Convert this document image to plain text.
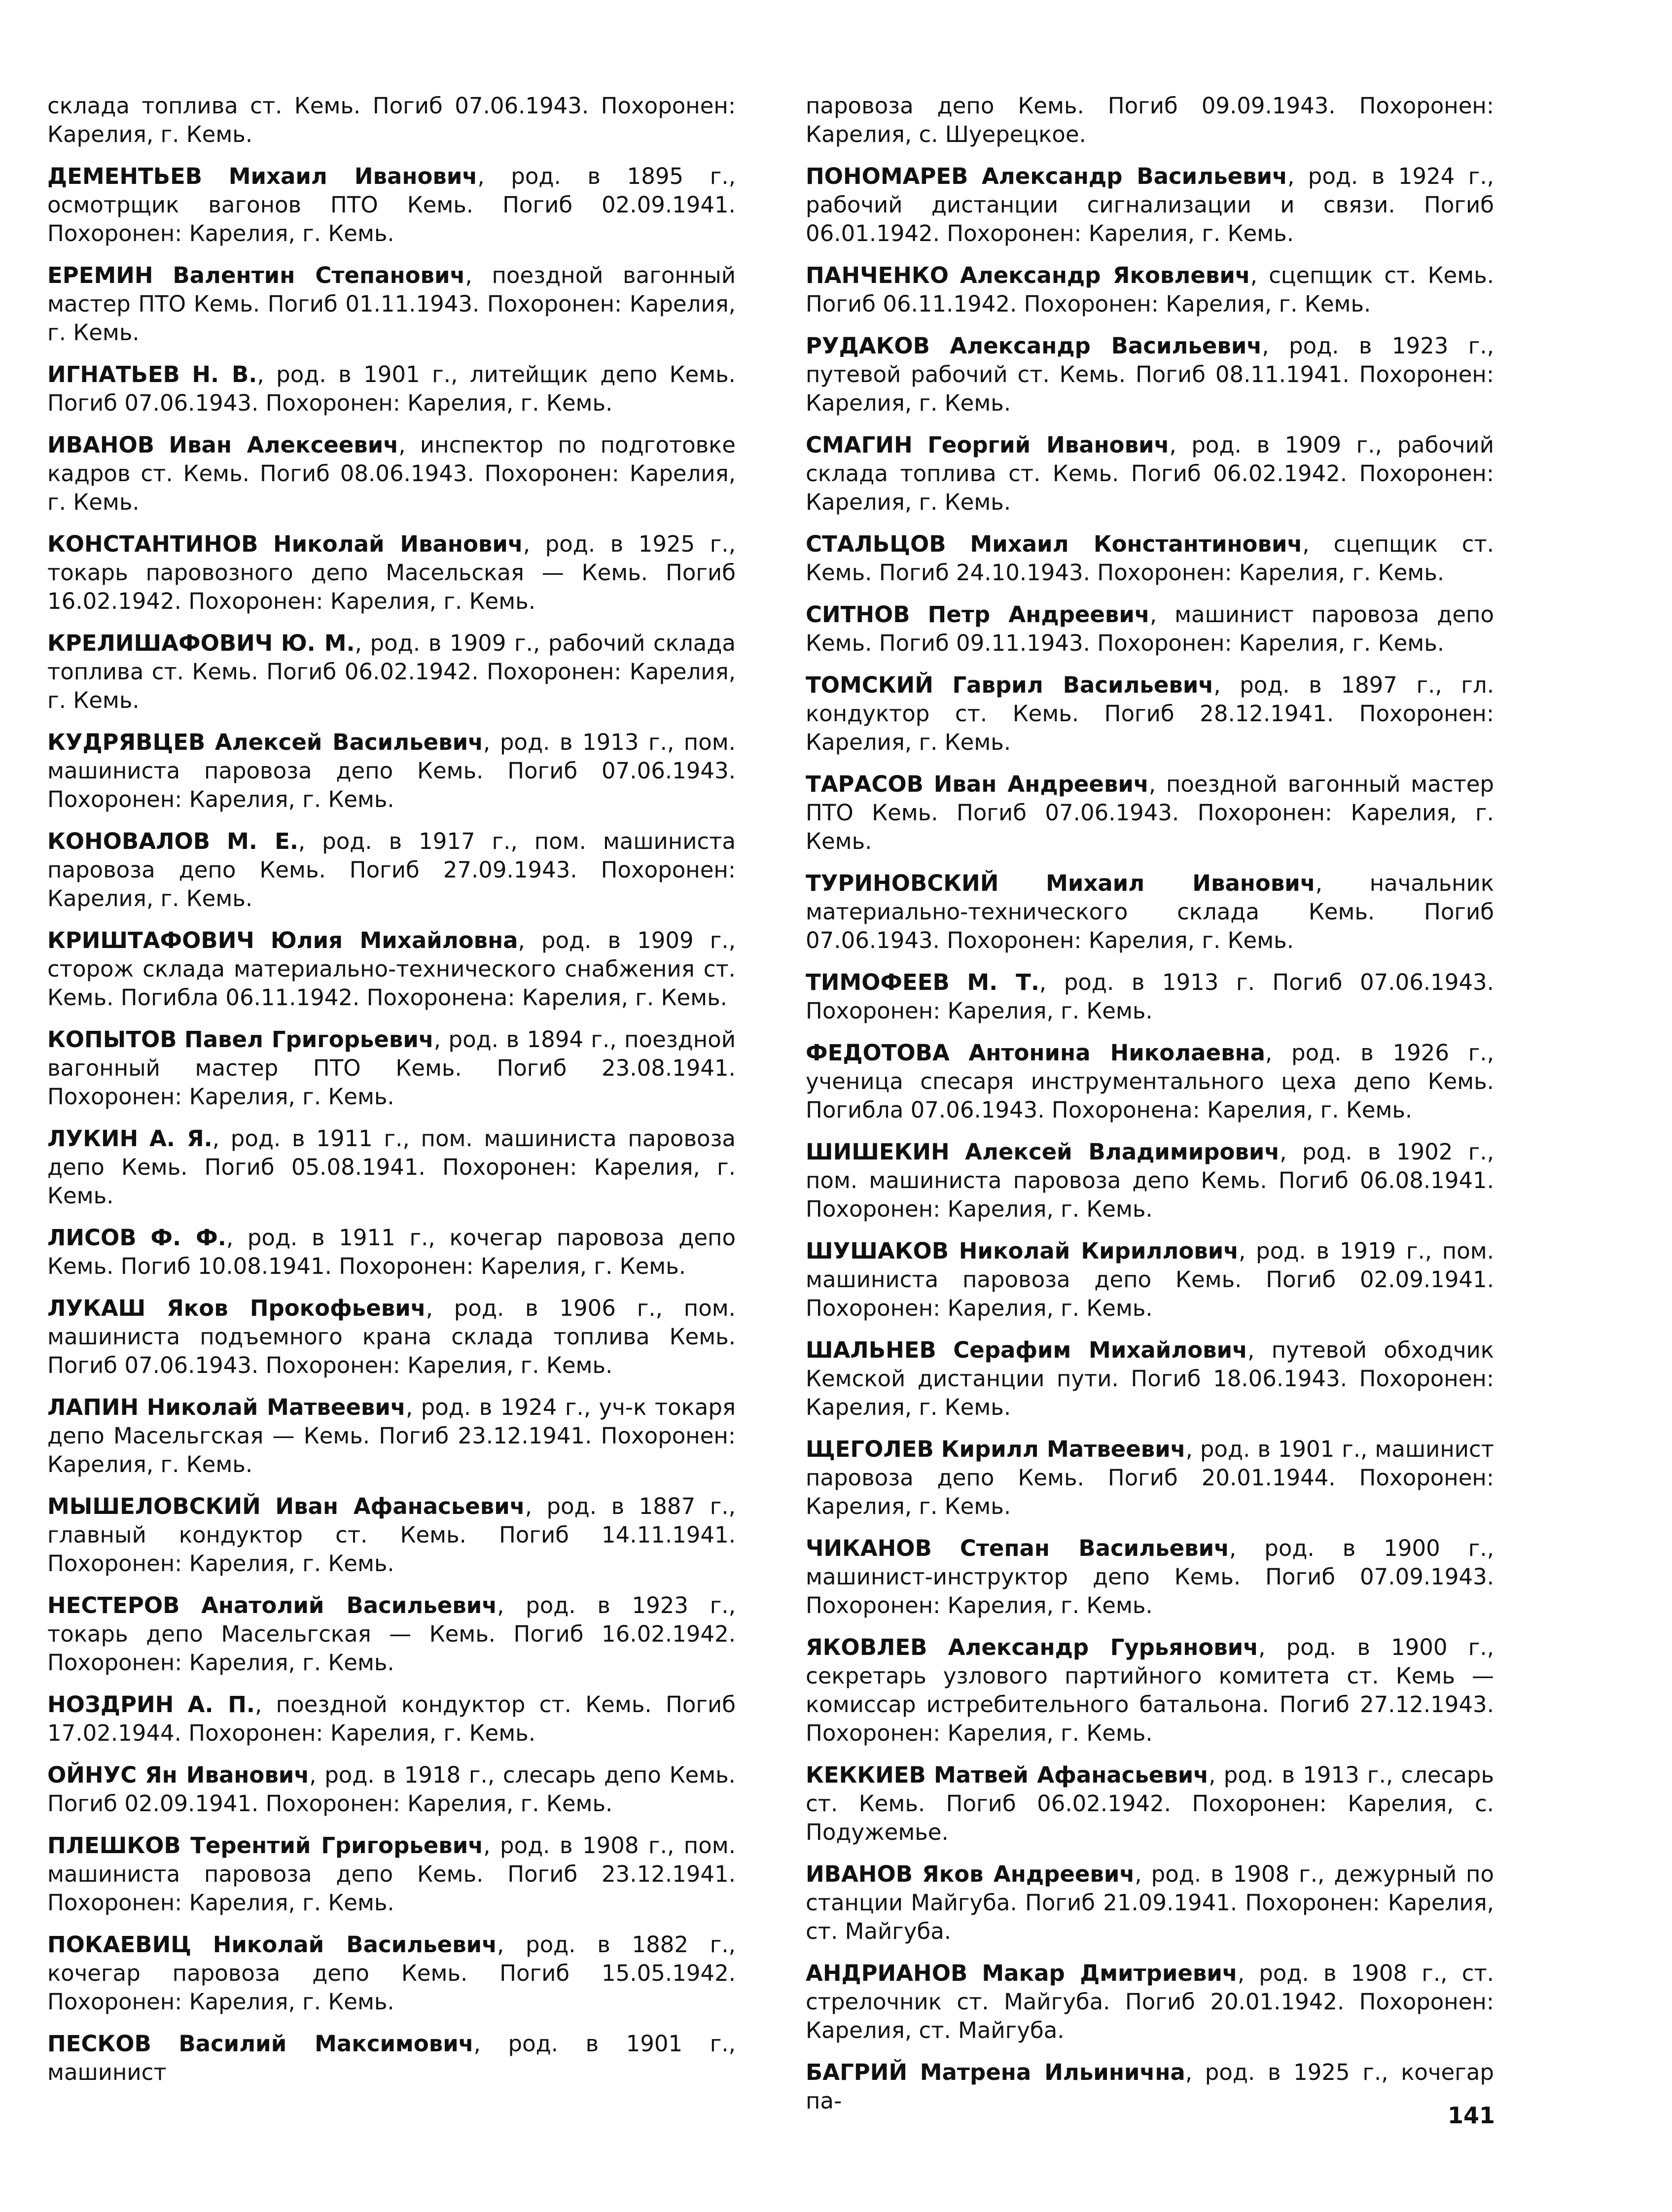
склада топлива ст. Кемь. Погиб 07.06.1943. Похоронен: Карелия, г. Кемь.

ДЕМЕНТЬЕВ Михаил Иванович, род. в 1895 г., осмотрщик вагонов ПТО Кемь. Погиб 02.09.1941. Похоронен: Карелия, г. Кемь.

ЕРЕМИН Валентин Степанович, поездной вагонный мастер ПТО Кемь. Погиб 01.11.1943. Похоронен: Карелия, г. Кемь.

ИГНАТЬЕВ Н. В., род. в 1901 г., литейщик депо Кемь. Погиб 07.06.1943. Похоронен: Карелия, г. Кемь.

ИВАНОВ Иван Алексеевич, инспектор по подготовке кадров ст. Кемь. Погиб 08.06.1943. Похоронен: Карелия, г. Кемь.

КОНСТАНТИНОВ Николай Иванович, род. в 1925 г., токарь паровозного депо Масельская — Кемь. Погиб 16.02.1942. Похоронен: Карелия, г. Кемь.

КРЕЛИШАФОВИЧ Ю. М., род. в 1909 г., рабочий склада топлива ст. Кемь. Погиб 06.02.1942. Похоронен: Карелия, г. Кемь.

КУДРЯВЦЕВ Алексей Васильевич, род. в 1913 г., пом. машиниста паровоза депо Кемь. Погиб 07.06.1943. Похоронен: Карелия, г. Кемь.

КОНОВАЛОВ М. Е., род. в 1917 г., пом. машиниста паровоза депо Кемь. Погиб 27.09.1943. Похоронен: Карелия, г. Кемь.

КРИШТАФОВИЧ Юлия Михайловна, род. в 1909 г., сторож склада материально-технического снабжения ст. Кемь. Погибла 06.11.1942. Похоронена: Карелия, г. Кемь.

КОПЫТОВ Павел Григорьевич, род. в 1894 г., поездной вагонный мастер ПТО Кемь. Погиб 23.08.1941. Похоронен: Карелия, г. Кемь.

ЛУКИН А. Я., род. в 1911 г., пом. машиниста паровоза депо Кемь. Погиб 05.08.1941. Похоронен: Карелия, г. Кемь.

ЛИСОВ Ф. Ф., род. в 1911 г., кочегар паровоза депо Кемь. Погиб 10.08.1941. Похоронен: Карелия, г. Кемь.

ЛУКАШ Яков Прокофьевич, род. в 1906 г., пом. машиниста подъемного крана склада топлива Кемь. Погиб 07.06.1943. Похоронен: Карелия, г. Кемь.

ЛАПИН Николай Матвеевич, род. в 1924 г., уч-к токаря депо Масельгская — Кемь. Погиб 23.12.1941. Похоронен: Карелия, г. Кемь.

МЫШЕЛОВСКИЙ Иван Афанасьевич, род. в 1887 г., главный кондуктор ст. Кемь. Погиб 14.11.1941. Похоронен: Карелия, г. Кемь.

НЕСТЕРОВ Анатолий Васильевич, род. в 1923 г., токарь депо Масельгская — Кемь. Погиб 16.02.1942. Похоронен: Карелия, г. Кемь.

НОЗДРИН А. П., поездной кондуктор ст. Кемь. Погиб 17.02.1944. Похоронен: Карелия, г. Кемь.

ОЙНУС Ян Иванович, род. в 1918 г., слесарь депо Кемь. Погиб 02.09.1941. Похоронен: Карелия, г. Кемь.

ПЛЕШКОВ Терентий Григорьевич, род. в 1908 г., пом. машиниста паровоза депо Кемь. Погиб 23.12.1941. Похоронен: Карелия, г. Кемь.

ПОКАЕВИЦ Николай Васильевич, род. в 1882 г., кочегар паровоза депо Кемь. Погиб 15.05.1942. Похоронен: Карелия, г. Кемь.

ПЕСКОВ Василий Максимович, род. в 1901 г., машинист

паровоза депо Кемь. Погиб 09.09.1943. Похоронен: Карелия, с. Шуерецкое.

ПОНОМАРЕВ Александр Васильевич, род. в 1924 г., рабочий дистанции сигнализации и связи. Погиб 06.01.1942. Похоронен: Карелия, г. Кемь.

ПАНЧЕНКО Александр Яковлевич, сцепщик ст. Кемь. Погиб 06.11.1942. Похоронен: Карелия, г. Кемь.

РУДАКОВ Александр Васильевич, род. в 1923 г., путевой рабочий ст. Кемь. Погиб 08.11.1941. Похоронен: Карелия, г. Кемь.

СМАГИН Георгий Иванович, род. в 1909 г., рабочий склада топлива ст. Кемь. Погиб 06.02.1942. Похоронен: Карелия, г. Кемь.

СТАЛЬЦОВ Михаил Константинович, сцепщик ст. Кемь. Погиб 24.10.1943. Похоронен: Карелия, г. Кемь.

СИТНОВ Петр Андреевич, машинист паровоза депо Кемь. Погиб 09.11.1943. Похоронен: Карелия, г. Кемь.

ТОМСКИЙ Гаврил Васильевич, род. в 1897 г., гл. кондуктор ст. Кемь. Погиб 28.12.1941. Похоронен: Карелия, г. Кемь.

ТАРАСОВ Иван Андреевич, поездной вагонный мастер ПТО Кемь. Погиб 07.06.1943. Похоронен: Карелия, г. Кемь.

ТУРИНОВСКИЙ Михаил Иванович, начальник материально-технического склада Кемь. Погиб 07.06.1943. Похоронен: Карелия, г. Кемь.

ТИМОФЕЕВ М. Т., род. в 1913 г. Погиб 07.06.1943. Похоронен: Карелия, г. Кемь.

ФЕДОТОВА Антонина Николаевна, род. в 1926 г., ученица спесаря инструментального цеха депо Кемь. Погибла 07.06.1943. Похоронена: Карелия, г. Кемь.

ШИШЕКИН Алексей Владимирович, род. в 1902 г., пом. машиниста паровоза депо Кемь. Погиб 06.08.1941. Похоронен: Карелия, г. Кемь.

ШУШАКОВ Николай Кириллович, род. в 1919 г., пом. машиниста паровоза депо Кемь. Погиб 02.09.1941. Похоронен: Карелия, г. Кемь.

ШАЛЬНЕВ Серафим Михайлович, путевой обходчик Кемской дистанции пути. Погиб 18.06.1943. Похоронен: Карелия, г. Кемь.

ЩЕГОЛЕВ Кирилл Матвеевич, род. в 1901 г., машинист паровоза депо Кемь. Погиб 20.01.1944. Похоронен: Карелия, г. Кемь.

ЧИКАНОВ Степан Васильевич, род. в 1900 г., машинист-инструктор депо Кемь. Погиб 07.09.1943. Похоронен: Карелия, г. Кемь.

ЯКОВЛЕВ Александр Гурьянович, род. в 1900 г., секретарь узлового партийного комитета ст. Кемь — комиссар истребительного батальона. Погиб 27.12.1943. Похоронен: Карелия, г. Кемь.

КЕККИЕВ Матвей Афанасьевич, род. в 1913 г., слесарь ст. Кемь. Погиб 06.02.1942. Похоронен: Карелия, с. Подужемье.

ИВАНОВ Яков Андреевич, род. в 1908 г., дежурный по станции Майгуба. Погиб 21.09.1941. Похоронен: Карелия, ст. Майгуба.

АНДРИАНОВ Макар Дмитриевич, род. в 1908 г., ст. стрелочник ст. Майгуба. Погиб 20.01.1942. Похоронен: Карелия, ст. Майгуба.

БАГРИЙ Матрена Ильинична, род. в 1925 г., кочегар па-

141
